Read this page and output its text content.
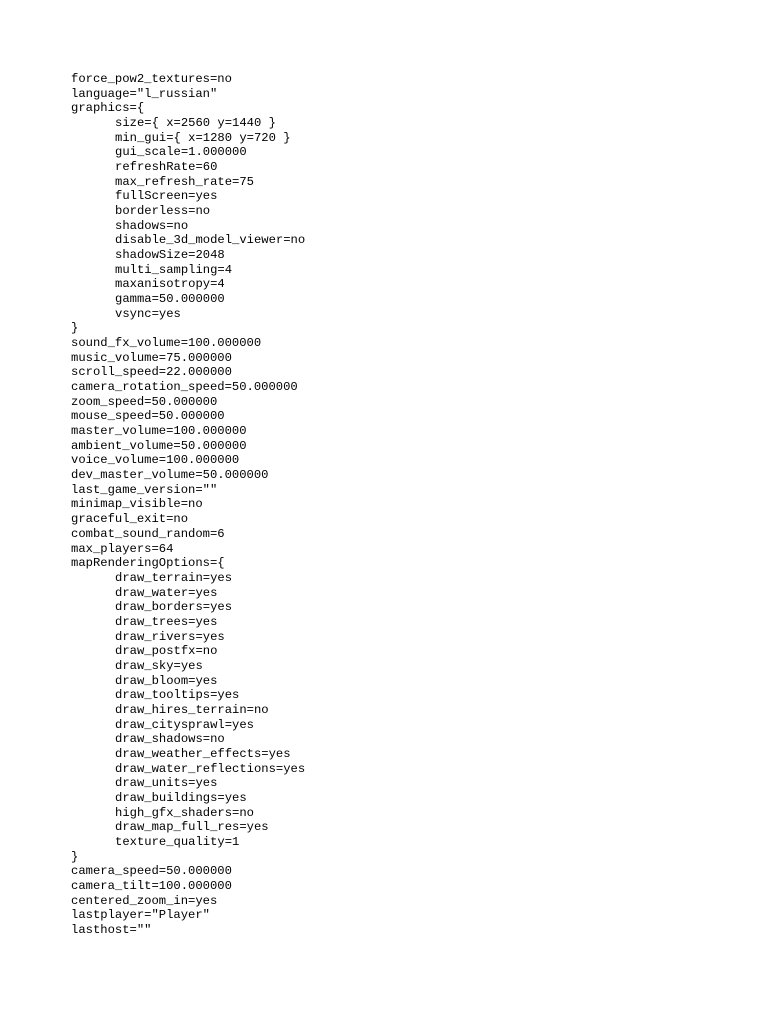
force_pow2_textures=no
language="l_russian"
graphics={
size={ x=2560 y=1440 }
min_gui={ x=1280 y=720 }
gui_scale=1.000000
refreshRate=60
max_refresh_rate=75
fullScreen=yes
borderless=no
shadows=no
disable_3d_model_viewer=no
shadowSize=2048
multi_sampling=4
maxanisotropy=4
gamma=50.000000
vsync=yes
}
sound_fx_volume=100.000000
music_volume=75.000000
scroll_speed=22.000000
camera_rotation_speed=50.000000
zoom_speed=50.000000
mouse_speed=50.000000
master_volume=100.000000
ambient_volume=50.000000
voice_volume=100.000000
dev_master_volume=50.000000
last_game_version=""
minimap_visible=no
graceful_exit=no
combat_sound_random=6
max_players=64
mapRenderingOptions={
draw_terrain=yes
draw_water=yes
draw_borders=yes
draw_trees=yes
draw_rivers=yes
draw_postfx=no
draw_sky=yes
draw_bloom=yes
draw_tooltips=yes
draw_hires_terrain=no
draw_citysprawl=yes
draw_shadows=no
draw_weather_effects=yes
draw_water_reflections=yes
draw_units=yes
draw_buildings=yes
high_gfx_shaders=no
draw_map_full_res=yes
texture_quality=1
}
camera_speed=50.000000
camera_tilt=100.000000
centered_zoom_in=yes
lastplayer="Player"
lasthost=""
